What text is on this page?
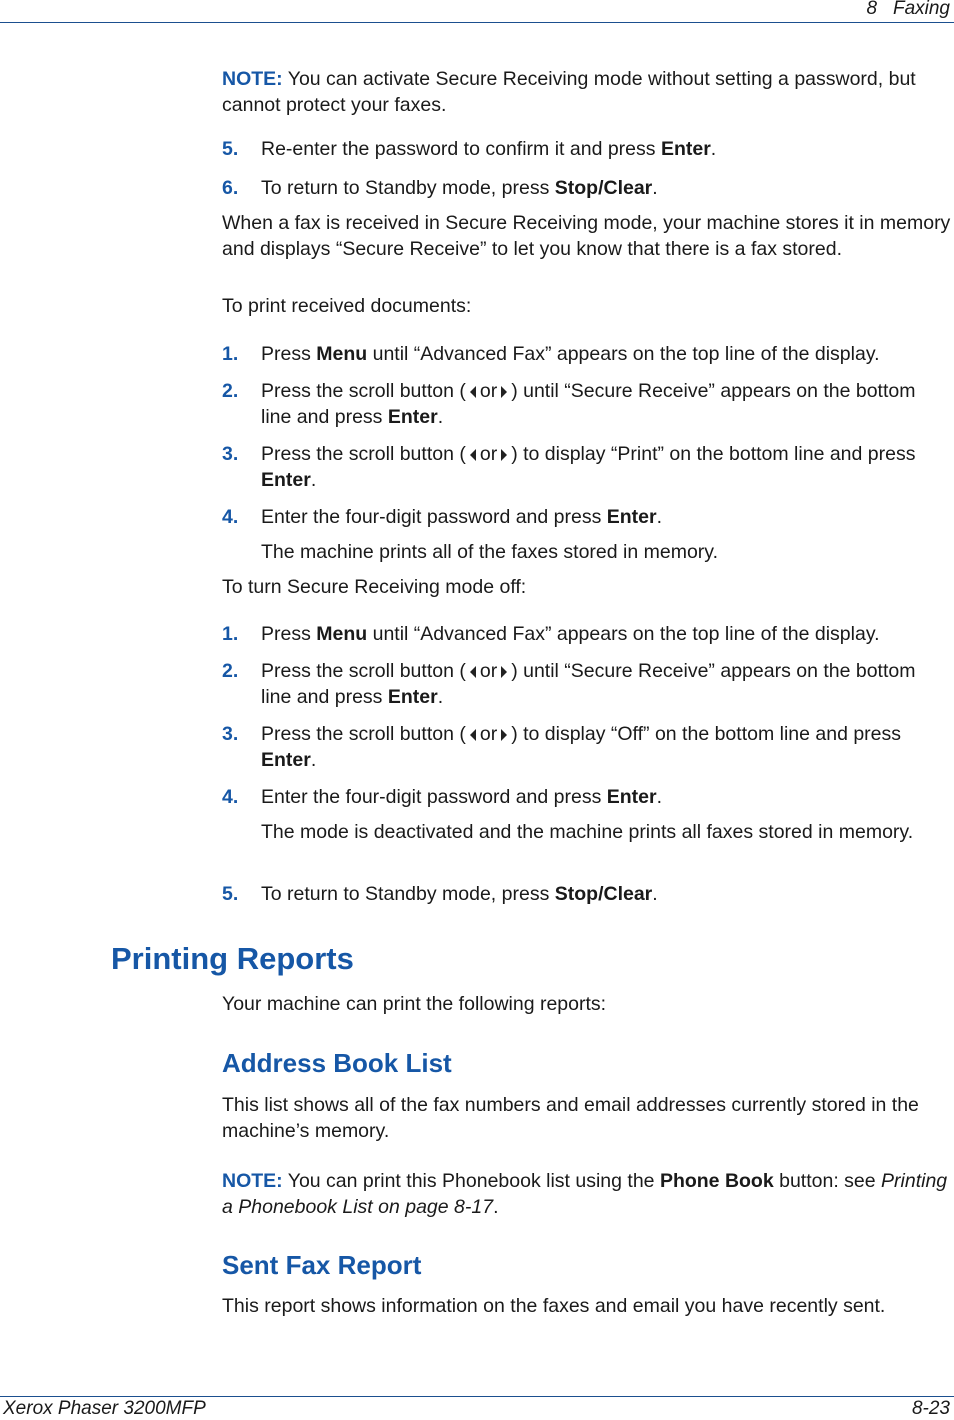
8 Faxing
NOTE: You can activate Secure Receiving mode without setting a password, but cannot protect your faxes.
5. Re-enter the password to confirm it and press Enter.
6. To return to Standby mode, press Stop/Clear.
When a fax is received in Secure Receiving mode, your machine stores it in memory and displays “Secure Receive” to let you know that there is a fax stored.
To print received documents:
1. Press Menu until “Advanced Fax” appears on the top line of the display.
2. Press the scroll button ( or ) until “Secure Receive” appears on the bottom line and press Enter.
3. Press the scroll button ( or ) to display “Print” on the bottom line and press Enter.
4. Enter the four-digit password and press Enter.
The machine prints all of the faxes stored in memory.
To turn Secure Receiving mode off:
1. Press Menu until “Advanced Fax” appears on the top line of the display.
2. Press the scroll button ( or ) until “Secure Receive” appears on the bottom line and press Enter.
3. Press the scroll button ( or ) to display “Off” on the bottom line and press Enter.
4. Enter the four-digit password and press Enter.
The mode is deactivated and the machine prints all faxes stored in memory.
5. To return to Standby mode, press Stop/Clear.
Printing Reports
Your machine can print the following reports:
Address Book List
This list shows all of the fax numbers and email addresses currently stored in the machine’s memory.
NOTE: You can print this Phonebook list using the Phone Book button: see Printing a Phonebook List on page 8-17.
Sent Fax Report
This report shows information on the faxes and email you have recently sent.
Xerox Phaser 3200MFP	8-23
